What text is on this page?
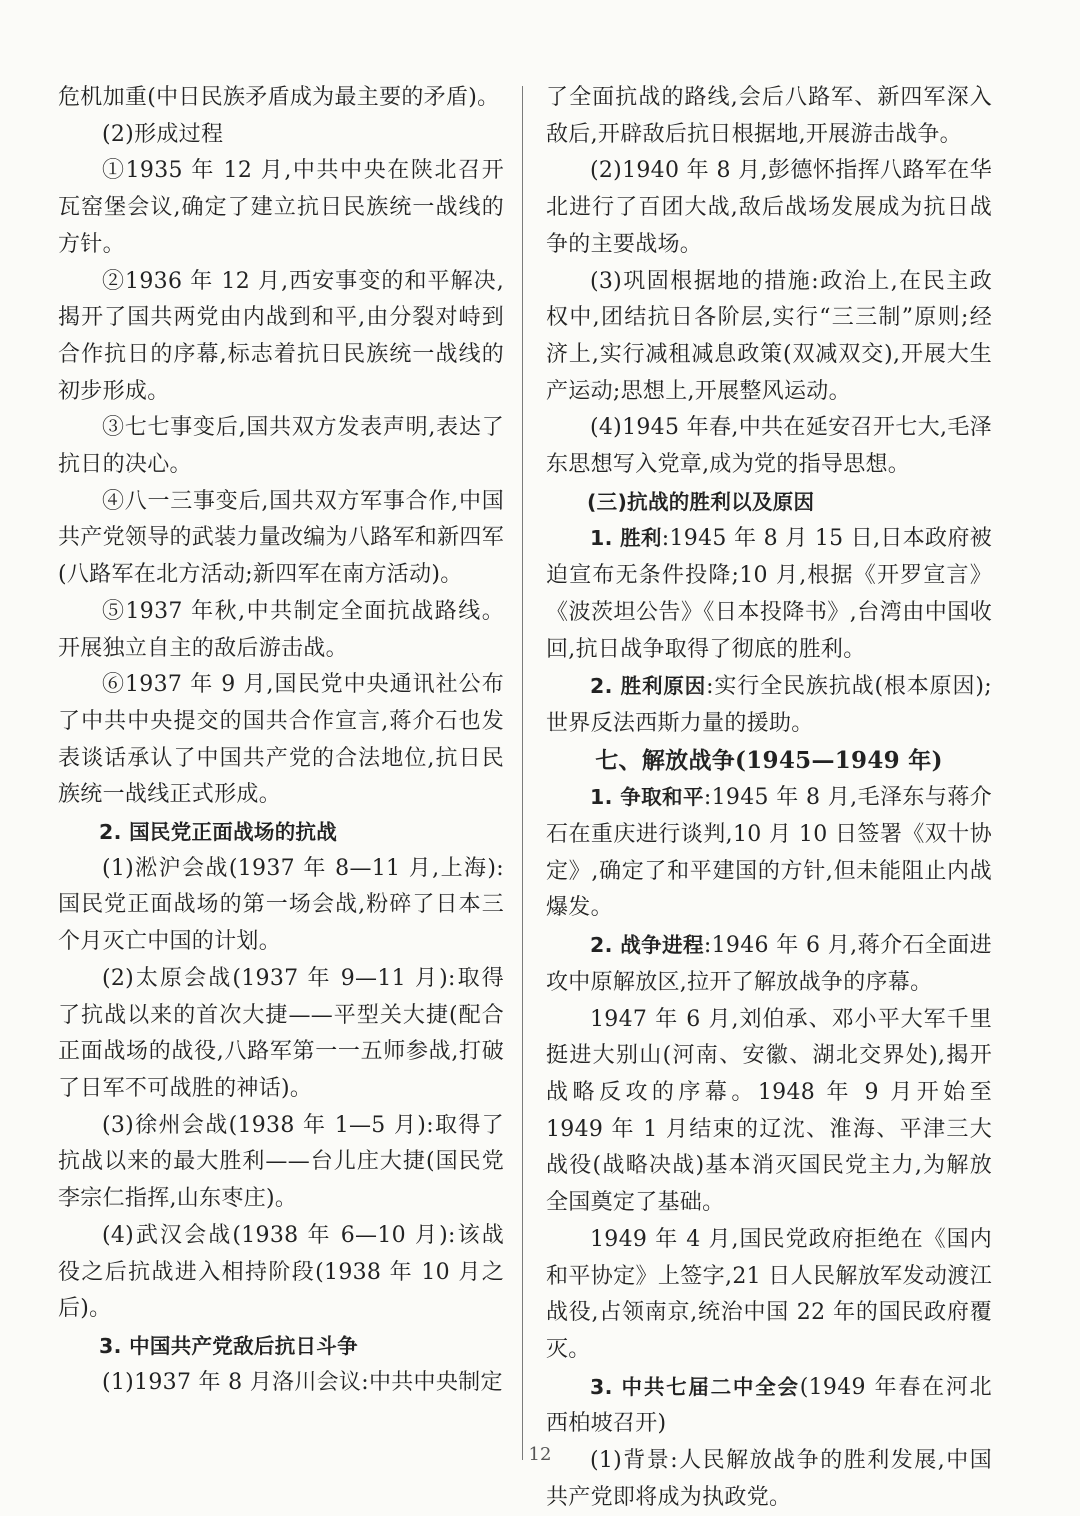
危机加重(中日民族矛盾成为最主要的矛盾)。
(2)形成过程
①1935 年 12 月,中共中央在陕北召开瓦窑堡会议,确定了建立抗日民族统一战线的方针。
②1936 年 12 月,西安事变的和平解决,揭开了国共两党由内战到和平,由分裂对峙到合作抗日的序幕,标志着抗日民族统一战线的初步形成。
③七七事变后,国共双方发表声明,表达了抗日的决心。
④八一三事变后,国共双方军事合作,中国共产党领导的武装力量改编为八路军和新四军(八路军在北方活动;新四军在南方活动)。
⑤1937 年秋,中共制定全面抗战路线。开展独立自主的敌后游击战。
⑥1937 年 9 月,国民党中央通讯社公布了中共中央提交的国共合作宣言,蒋介石也发表谈话承认了中国共产党的合法地位,抗日民族统一战线正式形成。
2. 国民党正面战场的抗战
(1)淞沪会战(1937 年 8—11 月,上海):国民党正面战场的第一场会战,粉碎了日本三个月灭亡中国的计划。
(2)太原会战(1937 年 9—11 月):取得了抗战以来的首次大捷——平型关大捷(配合正面战场的战役,八路军第一一五师参战,打破了日军不可战胜的神话)。
(3)徐州会战(1938 年 1—5 月):取得了抗战以来的最大胜利——台儿庄大捷(国民党李宗仁指挥,山东枣庄)。
(4)武汉会战(1938 年 6—10 月):该战役之后抗战进入相持阶段(1938 年 10 月之后)。
3. 中国共产党敌后抗日斗争
(1)1937 年 8 月洛川会议:中共中央制定
了全面抗战的路线,会后八路军、新四军深入敌后,开辟敌后抗日根据地,开展游击战争。
(2)1940 年 8 月,彭德怀指挥八路军在华北进行了百团大战,敌后战场发展成为抗日战争的主要战场。
(3)巩固根据地的措施:政治上,在民主政权中,团结抗日各阶层,实行“三三制”原则;经济上,实行减租减息政策(双减双交),开展大生产运动;思想上,开展整风运动。
(4)1945 年春,中共在延安召开七大,毛泽东思想写入党章,成为党的指导思想。
(三)抗战的胜利以及原因
1. 胜利:1945 年 8 月 15 日,日本政府被迫宣布无条件投降;10 月,根据《开罗宣言》《波茨坦公告》《日本投降书》,台湾由中国收回,抗日战争取得了彻底的胜利。
2. 胜利原因:实行全民族抗战(根本原因);世界反法西斯力量的援助。
七、解放战争(1945—1949 年)
1. 争取和平:1945 年 8 月,毛泽东与蒋介石在重庆进行谈判,10 月 10 日签署《双十协定》,确定了和平建国的方针,但未能阻止内战爆发。
2. 战争进程:1946 年 6 月,蒋介石全面进攻中原解放区,拉开了解放战争的序幕。
1947 年 6 月,刘伯承、邓小平大军千里挺进大别山(河南、安徽、湖北交界处),揭开战略反攻的序幕。1948 年 9 月开始至 1949 年 1 月结束的辽沈、淮海、平津三大战役(战略决战)基本消灭国民党主力,为解放全国奠定了基础。
1949 年 4 月,国民党政府拒绝在《国内和平协定》上签字,21 日人民解放军发动渡江战役,占领南京,统治中国 22 年的国民政府覆灭。
3. 中共七届二中全会(1949 年春在河北西柏坡召开)
(1)背景:人民解放战争的胜利发展,中国共产党即将成为执政党。
12
